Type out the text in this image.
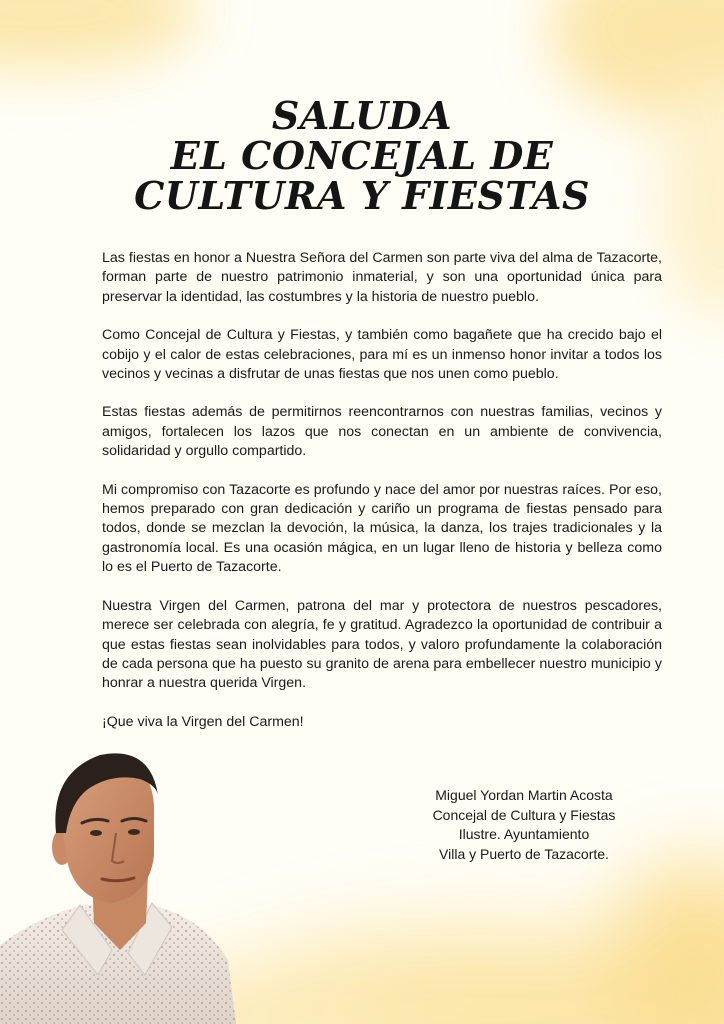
SALUDA
EL CONCEJAL DE
CULTURA Y FIESTAS

Las fiestas en honor a Nuestra Señora del Carmen son parte viva del alma de Tazacorte, forman parte de nuestro patrimonio inmaterial, y son una oportunidad única para preservar la identidad, las costumbres y la historia de nuestro pueblo.

Como Concejal de Cultura y Fiestas, y también como bagañete que ha crecido bajo el cobijo y el calor de estas celebraciones, para mí es un inmenso honor invitar a todos los vecinos y vecinas a disfrutar de unas fiestas que nos unen como pueblo.

Estas fiestas además de permitirnos reencontrarnos con nuestras familias, vecinos y amigos, fortalecen los lazos que nos conectan en un ambiente de convivencia, solidaridad y orgullo compartido.

Mi compromiso con Tazacorte es profundo y nace del amor por nuestras raíces. Por eso, hemos preparado con gran dedicación y cariño un programa de fiestas pensado para todos, donde se mezclan la devoción, la música, la danza, los trajes tradicionales y la gastronomía local. Es una ocasión mágica, en un lugar lleno de historia y belleza como lo es el Puerto de Tazacorte.

Nuestra Virgen del Carmen, patrona del mar y protectora de nuestros pescadores, merece ser celebrada con alegría, fe y gratitud. Agradezco la oportunidad de contribuir a que estas fiestas sean inolvidables para todos, y valoro profundamente la colaboración de cada persona que ha puesto su granito de arena para embellecer nuestro municipio y honrar a nuestra querida Virgen.

¡Que viva la Virgen del Carmen!

Miguel Yordan Martin Acosta
Concejal de Cultura y Fiestas
Ilustre. Ayuntamiento
Villa y Puerto de Tazacorte.
